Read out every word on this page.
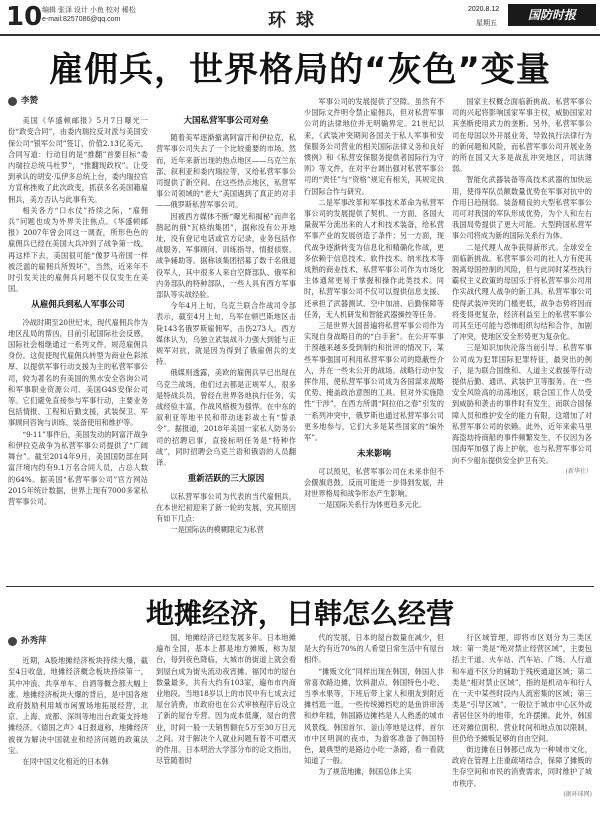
10 编辑 张泽 设计 小鱼 校对 稀松
e-mail:8257086@qq.com	环球
2020.8.12
星期五
国防时报
雇佣兵，世界格局的“灰色”变量
李赞

美国《华盛顿邮报》5月7日曝光一份“政变合同”，由委内瑞拉反对派与美国安保公司“银军公司”签订，价值2.13亿美元，合同写道：行动目的是“推翻”首要目标“委内瑞拉总统马杜罗”，“推翻现政权”。让受到承认的胡安·瓜伊多总统上台，委内瑞拉官方宣称挫败了此次政变，抓获多名美国籍雇佣兵，美方否认与此事有关。

相关各方“口水仗”持续之际，“雇佣兵”问题也成为外界关注焦点。《华盛顿邮报》2007年曾会同这一调查，所形色色的雇佣兵已经在美国大兵冲到了战争第一线，再这样下去，美国很可能“像罗马帝国一样被泛滥的雇佣兵所毁坏”，当然，近来年不时引发关注的雇佣兵问题不仅仅发生在美国。

从雇佣兵到私人军事公司

冷战时期至20世纪末，现代雇佣兵作为地区乱局的帮凶，目前引起国际社会反感，国际社会相继通过一系列文件，规范雇佣兵身份。这促使现代雇佣兵转型为商业色彩浓厚、以提供军事行动支援为主的私营军事公司，较为著名的有美国的黑水安全咨询公司和军事职业资源公司、美国G4S安保公司等。它们避免直接参与军事行动，主要业务包括情报、工程和后勤支援，武装保卫、军事顾问咨询与训练、装备使用和维护等。

“9·11”事件后，美国发动的阿富汗战争和伊拉克战争为私营军事公司提供了“广阔舞台”。截至2014年9月，美国国防部在阿富汗境内约有9.1万名合同人员，占总人数的64%。据美国“私营军事公司”官方网站2015年统计数据，世界上现有7000多家私营军事公司。

大国私营军事公司对垒

随着美军逐渐撤离阿富汗和伊拉克，私营军事公司失去了一个比较重要的市场。然而，近年来新出现的热点地区——乌克兰东部、叙利亚和委内瑞拉等，又给私营军事公司提供了新空间。在这些热点地区，私营军事公司领域的“老大”美国遇到了真正的对手——俄罗斯私营军事公司。

因被西方媒体不断“曝光和揭秘”而声名鹊起的俄“瓦格纳集团”，据称没有公开地址，没有登记电话或官方记录，业务包括作战服务、军事顾问、训练指导、情报侦察、战争辅助等。据称该集团招募了数千名俄退役军人，其中很多人来自空降部队、俄军和内务部队的特种部队，一些人具有西方军事部队等实战经验。

今年4月上旬，乌克兰联合作战司令部表示，截至4月上旬，乌军在顿巴斯地区击毙143名俄罗斯雇佣军，击伤273人。西方媒体认为，乌独立武装战斗力强大到能与正规军对抗，就是因为得到了俄雇佣兵的支持。

俄媒则透露，美欧的雇佣兵早已出现在乌克兰战场，他们过去都是正规军人，很多是特战兵员，曾经在世界各地执行任务，实战经验丰富，作战风格极为强悍。在中东的叙利亚等地平民和带动迷彩战士有“誓杀令”。据报道，2018年美国一家私人防务公司的招聘启事，直接标明任务是“特种作战”，同时招聘会乌克兰语和俄语的人员翻译。

重新活跃的三大原因

以私营军事公司为代表的当代雇佣兵，在本世纪初迎来了新一轮的发展，究其原因有如下几点：

一是国际法的模糊限定为私营

军事公司的发展提供了空隙。虽然有不少国际文件明令禁止雇佣兵，但对私营军事公司的法律地位并无明确界定。21世纪以来，《武装冲突期间各国关于私人军事和安保服务公司营业的相关国际法律义务和良好惯例》和《私营安保服务提供者国际行为守则》等文件，在对平台调出强对私营军事公司的“责任”与“资格”规定有相关，其规定执行国际合作与研究。

二是军事改革和军事技术革命为私营军事公司的发展提供了契机。一方面，各国大量裁军分流出来的人才和技术装备，给私营军事产业的发展创造了条件；另一方面，现代战争逐渐转变为信息化和精确化作战，更多依赖于信息技术、软件技术、纳米技术等成熟的商业技术，私营军事公司作为市场化主体通常更易于掌握和操作此类技术。同时，私营军事公司不仅可以提供信息支援、还承担了武器测试、空中加油、后勤保障等任务，无人机研发和智能武器操控等任务。

三是世界大国普遍将私营军事公司作为实现自身战略目的的“白手套”。在公开军事干预越来越多受到制约和批评的情况下，某些军事强国可利用私营军事公司的隐蔽性介入，并在一些未公开的战场、战略行动中发挥作用，使私营军事公司成为各国谋求战略优势、掩盖政治意图的工具。但对外实施隐性“干涉”，在西方所谓“阿拉伯之春”引发的一系列冲突中，俄罗斯也通过私营军事公司更多地参与，它们大多是某些国家的“编外军”。

未来影响

可以预见，私营军事公司在未来非但不会偃旗息鼓，反而可能进一步得到发展，并对世界格局和战争形态产生影响。

一是国际关系行为体更趋多元化。

国家主权概念面临新挑战。私营军事公司的兴起将影响国家军事主权，威胁国家对其垄断使用武力的垄断。另外，私营军事公司在母国以外开展业务，导致执行法律行为的新问题和风险，而私营军事公司开展业务的所在国又大多是战乱冲突地区，司法薄弱。

智能化武器装备等高技术武器的加快运用，使得军队员额数量优势在军事对抗中的作用日趋削弱。装备精良的大型私营军事公司可对我国的军队形成优势，为个人和左右我国局势提供了更大可能。大型跨国私营军事公司将成为新的国际关系行为体。

二是代理人战争获得新形式。全球安全面临新挑战。私营军事公司的社人方有使其脱离母国控制的风险，但与此同时某些执行霸权主义政策的母国乐于将私营军事公司用作实战代理人战争的新工具。私营军事公司使得武装冲突的门槛更低，战争态势将因而将变得更复杂，经济利益至上的私营军事公司其至还可能与恐怖组织勾结和合作，加剧了冲突，使地区安全形势更为复杂化。

三是知识加快沦落当前引导。私营军事公司成为犯罪国际犯罪特征，最突出的例子，是为联合国维和、人道主义救援等行动提供后勤、通讯、武装护卫等服务。在一些安全风险高的动荡地区，联合国工作人员受到威胁和袭击的事件时有发生，而联合国保障人员和维护安全的能力有限，这增加了对私营军事公司的依赖。此外，近年来索马里海盗劫持商船的事件频繁发生，不仅因为各国海军加强了海上护航，也与私营军事公司向不少船东提供安全护卫有关。

(新华社）

地摊经济，日韩怎么经营
孙秀萍

近期，A股地摊经济板块持续大爆，截至4日收盘，地摊经济概念板块持续第一，其中冲浪、共享单车、自酒等概念都大幅上涨。地摊经济板块大爆的背后，是中国各地政府鼓励利用城市闲置场地拓展经营，北京、上海、成都、深圳等地出台政策支持地摊经济。《德国之声》4日报道称，地摊经济被视为解决中国就业和经济问题的政策法宝。

在同中国文化相近的日本韩

国，地摊经济已经发展多年。日本地摊遍布全国，基本上都是地方摊贩，称为屋台，每到夜色降临，大城市的街道上就会看到屋台成为街头流动夜宵摊。福冈市的屋台数量最多，共有大约有103家，遍布市内商业地段。当地18岁以上的市民中有七成去过屋台消费，市政府也在公式审核程序后设立了新的屋台专营。因为成本低廉，屋台的营业，时间一般一天销售额在5万至30万日元之间。对于解决个人就业问题有着不可磨灭的作用。日本明治大学部分布的论文指出，尽管随着时

代的发展，日本的屋台数量在减少，但是大约有近70%的人希望日常生活中有屋台相伴。

“摊贩文化”同样出现在韩国，韩国人非常喜欢路边摊，饮料甜点、韩国特色小吃、当季水果等，下班后带上家人和朋友到附近摊档逛一逛，一些传统摊档吃的是鱼饼串汤和炒年糕，韩国路边摊档是人人熟悉的城市风景线。韩国首尔、釜山等地是这样，首尔市中区明洞的夜市，为游客准备了韩国特色，最典型的是路边小吃一条路，看一看就知道了一般。

为了规范地摊，韩国总体上实

行区域管理，即将市区划分为三类区域：第一类是“绝对禁止经营区域”，主要包括主干道、火车站、汽车站、广场、人行道和车道不区分的辅助于残疾通道区域；第二类是“相对禁止区域”，指的是机动车和行人在一天中某些时段内人流密集的区域；第三类是“引导区域”，一般位于城市中心区外或者居住区外的地带，允许摆摊。此外，韩国还对摊位面积、营业时间和地点加以限制，但仍给予摊贩足够的自由空间。

街边摊在日韩都已成为一种城市文化，政府在管理上注重疏堵结合，保障了摊贩的生存空间和市民的消费需求，同时维护了城市秩序。

(据环球网)
